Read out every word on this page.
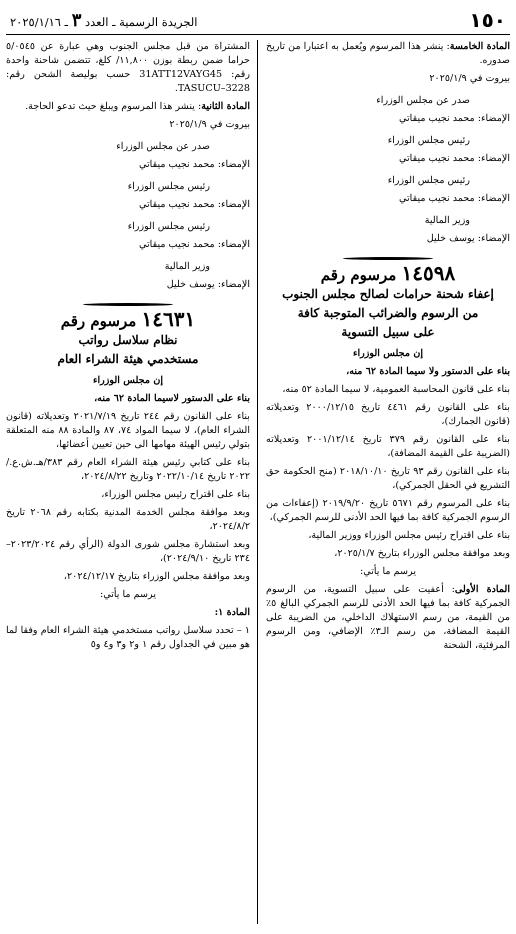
١٥٠
الجريدة الرسمية ـ العدد ٣ ـ ٢٠٢٥/١/١٦

المادة الخامسة: ينشر هذا المرسوم ويُعمل به اعتبارا من تاريخ صدوره.

بيروت في ٢٠٢٥/١/٩

صدر عن مجلس الوزراء

الإمضاء: محمد نجيب ميقاتي

رئيس مجلس الوزراء

الإمضاء: محمد نجيب ميقاتي

رئيس مجلس الوزراء

الإمضاء: محمد نجيب ميقاتي

وزير المالية

الإمضاء: يوسف خليل

١٤٥٩٨ مرسوم رقم
إعفاء شحنة حرامات لصالح مجلس الجنوب
من الرسوم والضرائب المتوجبة كافة
على سبيل التسوية

إن مجلس الوزراء

بناء على الدستور ولا سيما المادة ٦٢ منه،

بناء على قانون المحاسبة العمومية، لا سيما المادة ٥٢ منه،

بناء على القانون رقم ٤٤٦١ تاريخ ٢٠٠٠/١٢/١٥ وتعديلاته (قانون الجمارك)،

بناء على القانون رقم ٣٧٩ تاريخ ٢٠٠١/١٢/١٤ وتعديلاته (الضريبة على القيمة المضافة)،

بناء على القانون رقم ٩٣ تاريخ ٢٠١٨/١٠/١٠ (منح الحكومة حق التشريع في الحقل الجمركي)،

بناء على المرسوم رقم ٥٦٧١ تاريخ ٢٠١٩/٩/٢٠ (إعفاءات من الرسوم الجمركية كافة بما فيها الحد الأدنى للرسم الجمركي)،

بناء على اقتراح رئيس مجلس الوزراء ووزير المالية،

وبعد موافقة مجلس الوزراء بتاريخ ٢٠٢٥/١/٧،

يرسم ما يأتي:

المادة الأولى: أعفيت على سبيل التسوية، من الرسوم الجمركية كافة بما فيها الحد الأدنى للرسم الجمركي البالغ ٥٪ من القيمة، من رسم الاستهلاك الداخلي، من الضريبة على القيمة المضافة، من رسم الـ٣٪ الإضافي، ومن الرسوم المرفئية، الشحنة

المشتراة من قبل مجلس الجنوب وهي عبارة عن ٥/٠٥٤٥ حراما ضمن ربطة بوزن ١١,٨٠٠/ كلغ، تتضمن شاحنة واحدة رقم: 31ATT12VAYG45 حسب بوليصة الشحن رقم: TASUCU–3228.

المادة الثانية: ينشر هذا المرسوم ويبلغ حيث تدعو الحاجة.

بيروت في ٢٠٢٥/١/٩

صدر عن مجلس الوزراء

الإمضاء: محمد نجيب ميقاتي

رئيس مجلس الوزراء

الإمضاء: محمد نجيب ميقاتي

رئيس مجلس الوزراء

الإمضاء: محمد نجيب ميقاتي

وزير المالية

الإمضاء: يوسف خليل

١٤٦٣١ مرسوم رقم
نظام سلاسل رواتب
مستخدمي هيئة الشراء العام

إن مجلس الوزراء

بناء على الدستور لاسيما المادة ٦٢ منه،

بناء على القانون رقم ٢٤٤ تاريخ ٢٠٢١/٧/١٩ وتعديلاته (قانون الشراء العام)، لا سيما المواد ٧٤، ٨٧ والمادة ٨٨ منه المتعلقة بتولي رئيس الهيئة مهامها الى حين تعيين أعضائها،

بناء على كتابي رئيس هيئة الشراء العام رقم ٣٨٣/هـ.ش.ع./٢٠٢٢ تاريخ ٢٠٢٢/١٠/١٤ وتاريخ ٢٠٢٤/٨/٢٢،

بناء على اقتراح رئيس مجلس الوزراء،

وبعد موافقة مجلس الخدمة المدنية بكتابه رقم ٢٠٦٨ تاريخ ٢٠٢٤/٨/٢،

وبعد استشارة مجلس شورى الدولة (الرأي رقم ٢٠٢٣/٢٠٢٤–٢٣٤ تاريخ ٢٠٢٤/٩/١٠)،

وبعد موافقة مجلس الوزراء بتاريخ ٢٠٢٤/١٢/١٧،

يرسم ما يأتي:

المادة ١:

١ – تحدد سلاسل رواتب مستخدمي هيئة الشراء العام وفقا لما هو مبين في الجداول رقم ١ و٢ و٣ و٤ و٥
